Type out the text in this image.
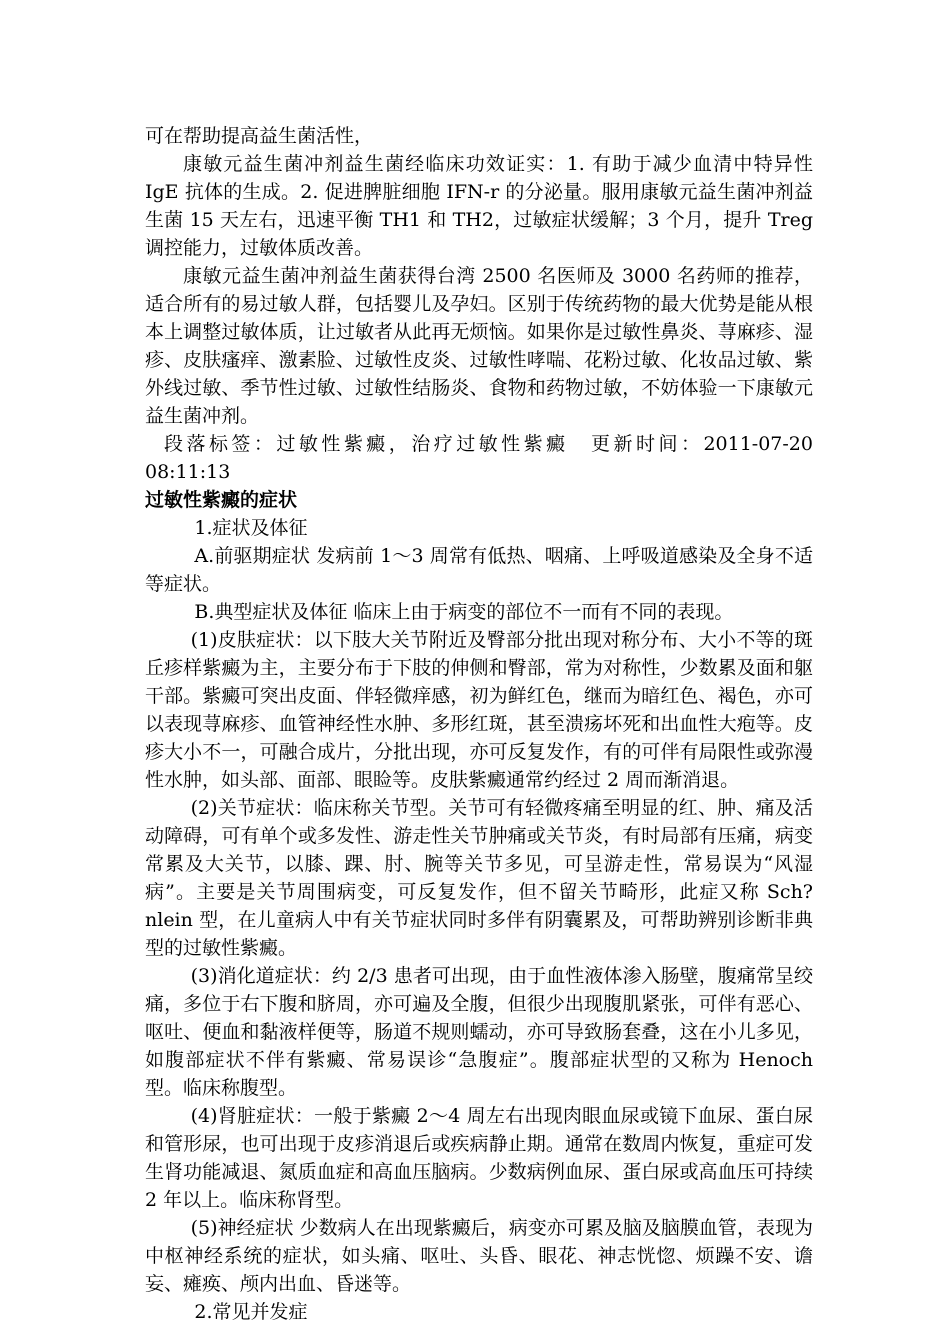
可在帮助提高益生菌活性，

康敏元益生菌冲剂益生菌经临床功效证实：1. 有助于减少血清中特异性 IgE 抗体的生成。2. 促进脾脏细胞 IFN-r 的分泌量。服用康敏元益生菌冲剂益生菌 15 天左右，迅速平衡 TH1 和 TH2，过敏症状缓解；3 个月，提升 Treg 调控能力，过敏体质改善。

康敏元益生菌冲剂益生菌获得台湾 2500 名医师及 3000 名药师的推荐，适合所有的易过敏人群，包括婴儿及孕妇。区别于传统药物的最大优势是能从根本上调整过敏体质，让过敏者从此再无烦恼。如果你是过敏性鼻炎、荨麻疹、湿疹、皮肤瘙痒、激素脸、过敏性皮炎、过敏性哮喘、花粉过敏、化妆品过敏、紫外线过敏、季节性过敏、过敏性结肠炎、食物和药物过敏，不妨体验一下康敏元益生菌冲剂。

段落标签：过敏性紫癜，治疗过敏性紫癜　更新时间：2011-07-20 08:11:13

过敏性紫癜的症状

1.症状及体征

A.前驱期症状 发病前 1～3 周常有低热、咽痛、上呼吸道感染及全身不适等症状。

B.典型症状及体征 临床上由于病变的部位不一而有不同的表现。

(1)皮肤症状：以下肢大关节附近及臀部分批出现对称分布、大小不等的斑丘疹样紫癜为主，主要分布于下肢的伸侧和臀部，常为对称性，少数累及面和躯干部。紫癜可突出皮面、伴轻微痒感，初为鲜红色，继而为暗红色、褐色，亦可以表现荨麻疹、血管神经性水肿、多形红斑，甚至溃疡坏死和出血性大疱等。皮疹大小不一，可融合成片，分批出现，亦可反复发作，有的可伴有局限性或弥漫性水肿，如头部、面部、眼睑等。皮肤紫癜通常约经过 2 周而渐消退。

(2)关节症状：临床称关节型。关节可有轻微疼痛至明显的红、肿、痛及活动障碍，可有单个或多发性、游走性关节肿痛或关节炎，有时局部有压痛，病变常累及大关节，以膝、踝、肘、腕等关节多见，可呈游走性，常易误为“风湿病”。主要是关节周围病变，可反复发作，但不留关节畸形，此症又称 Sch?nlein 型，在儿童病人中有关节症状同时多伴有阴囊累及，可帮助辨别诊断非典型的过敏性紫癜。

(3)消化道症状：约 2/3 患者可出现，由于血性液体渗入肠壁，腹痛常呈绞痛，多位于右下腹和脐周，亦可遍及全腹，但很少出现腹肌紧张，可伴有恶心、呕吐、便血和黏液样便等，肠道不规则蠕动，亦可导致肠套叠，这在小儿多见，如腹部症状不伴有紫癜、常易误诊“急腹症”。腹部症状型的又称为 Henoch 型。临床称腹型。

(4)肾脏症状：一般于紫癜 2～4 周左右出现肉眼血尿或镜下血尿、蛋白尿和管形尿，也可出现于皮疹消退后或疾病静止期。通常在数周内恢复，重症可发生肾功能减退、氮质血症和高血压脑病。少数病例血尿、蛋白尿或高血压可持续 2 年以上。临床称肾型。

(5)神经症状 少数病人在出现紫癜后，病变亦可累及脑及脑膜血管，表现为中枢神经系统的症状，如头痛、呕吐、头昏、眼花、神志恍惚、烦躁不安、谵妄、瘫痪、颅内出血、昏迷等。

2.常见并发症
